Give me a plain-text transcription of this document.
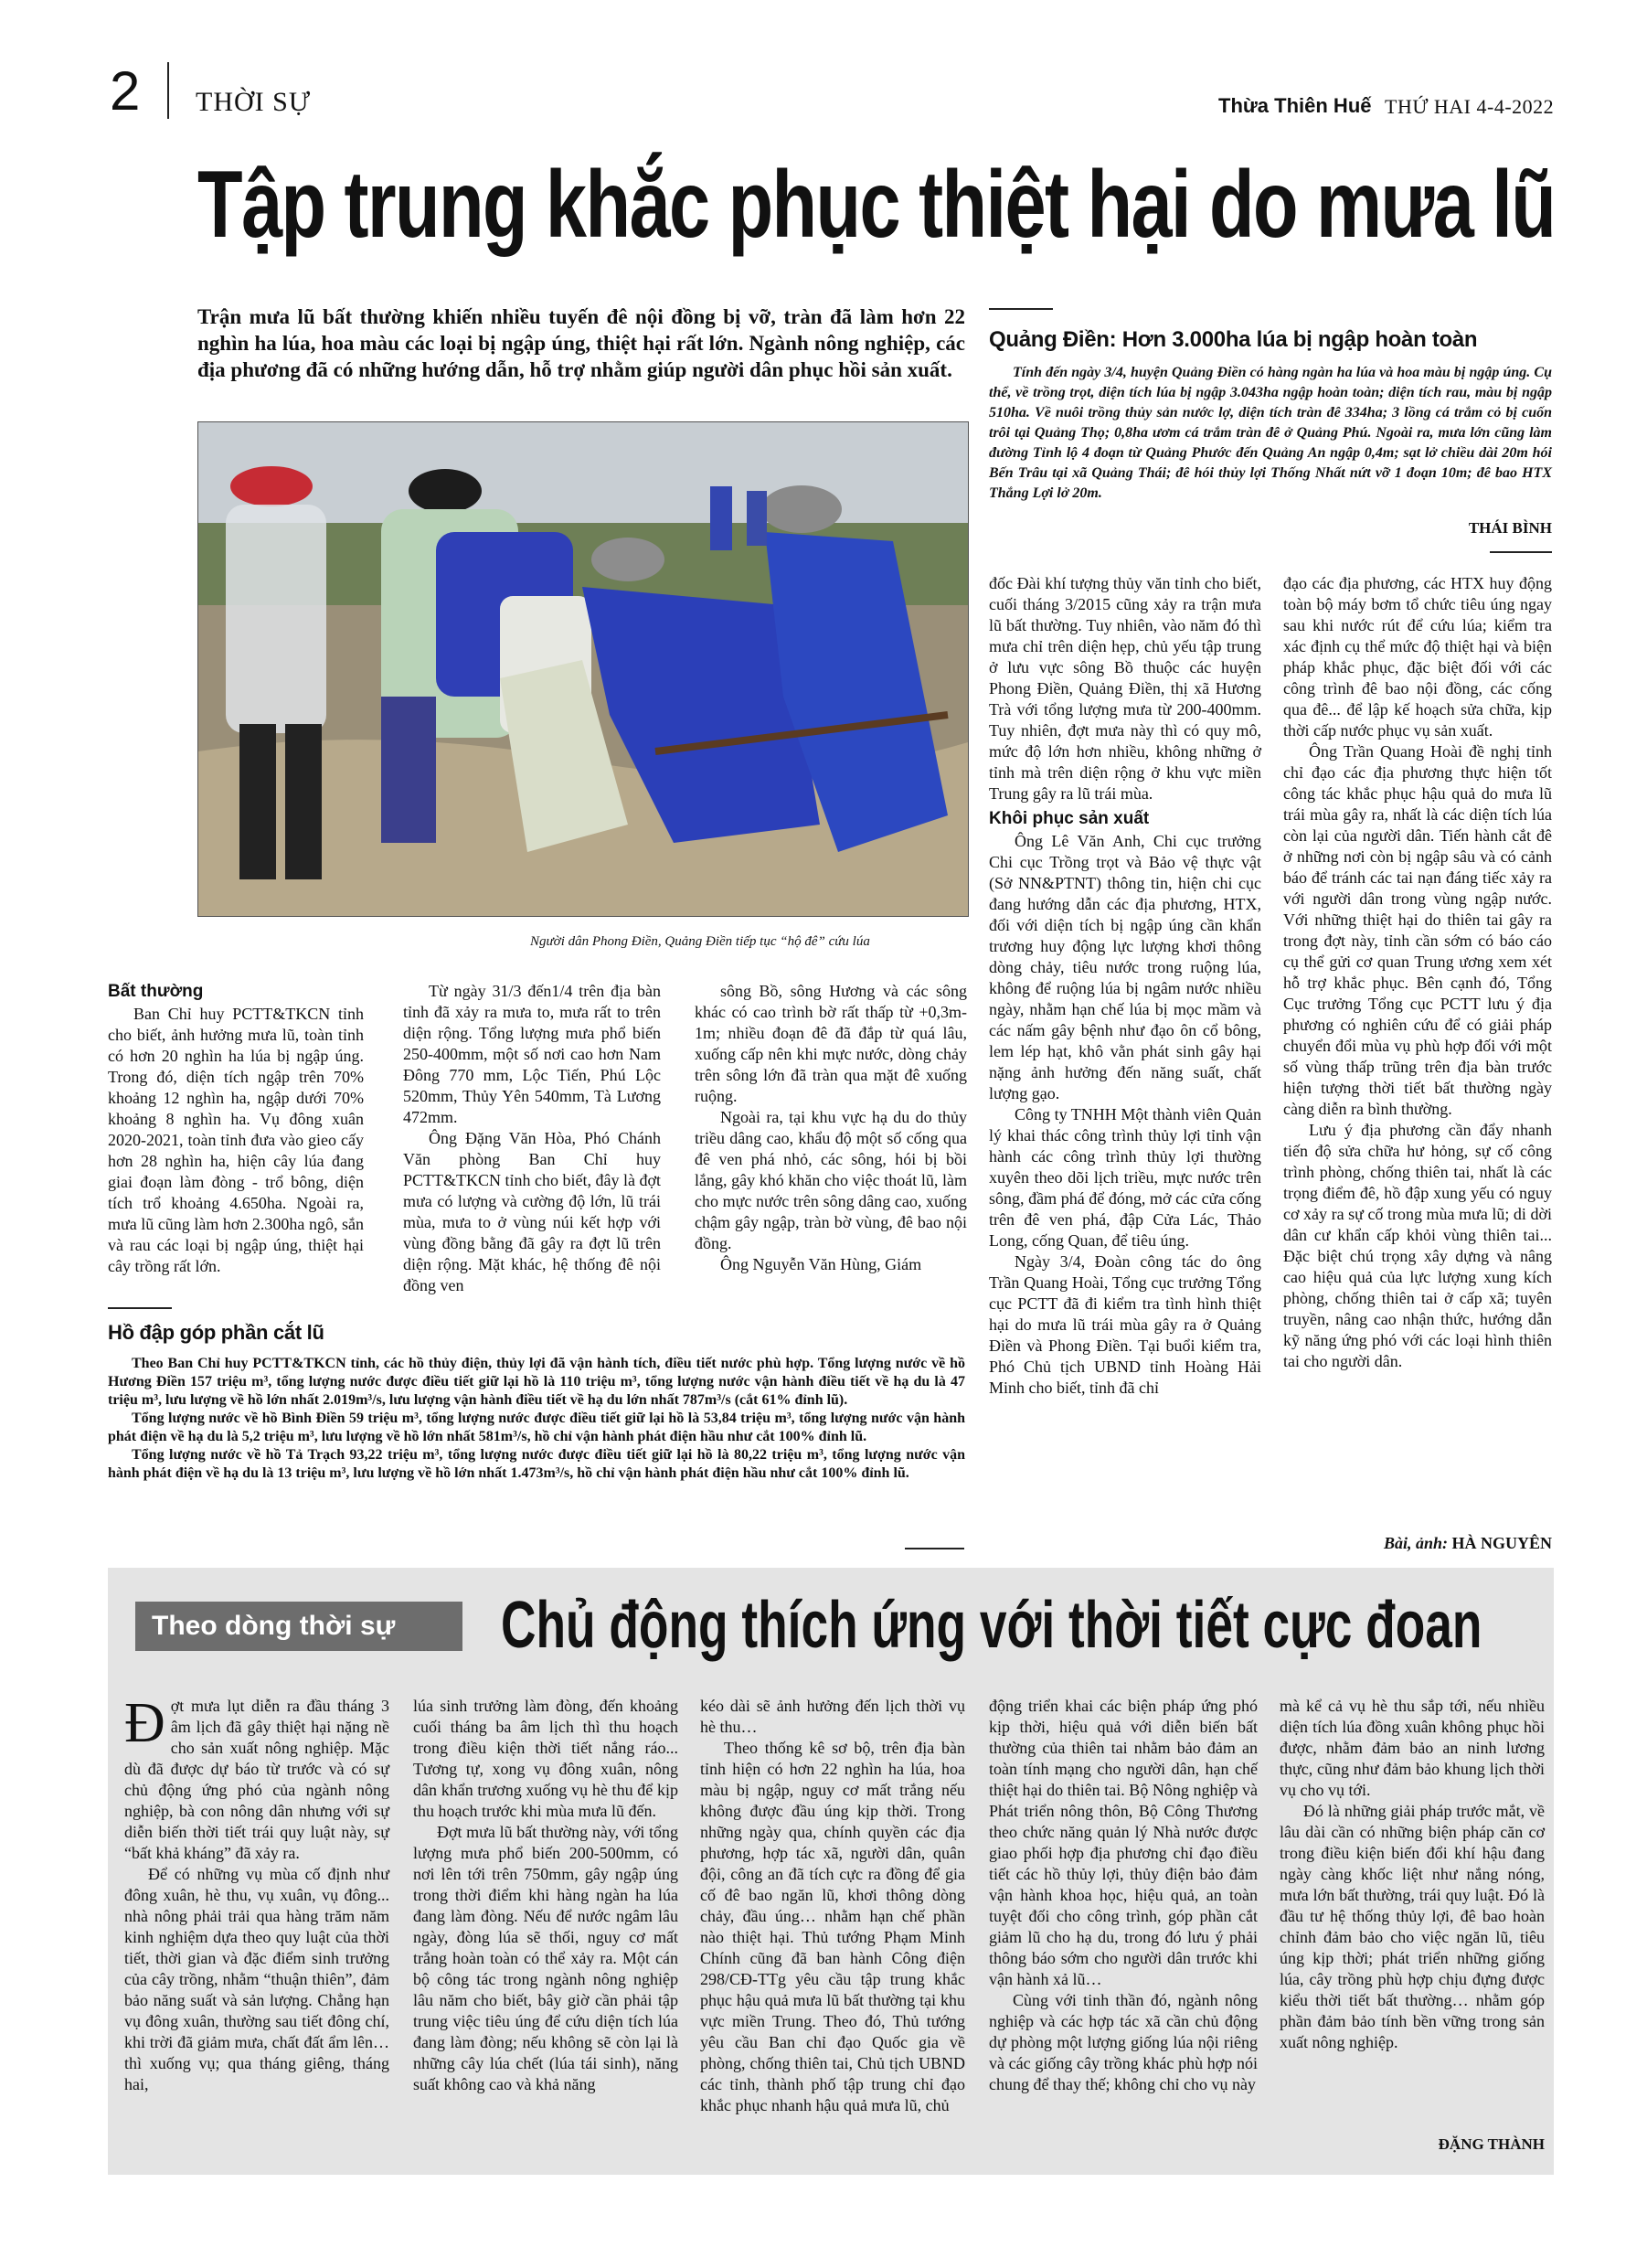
2 THỜI SỰ	Thừa Thiên Huế THỨ HAI 4-4-2022
Tập trung khắc phục thiệt hại do mưa lũ
Trận mưa lũ bất thường khiến nhiều tuyến đê nội đồng bị vỡ, tràn đã làm hơn 22 nghìn ha lúa, hoa màu các loại bị ngập úng, thiệt hại rất lớn. Ngành nông nghiệp, các địa phương đã có những hướng dẫn, hỗ trợ nhằm giúp người dân phục hồi sản xuất.
Người dân Phong Điền, Quảng Điền tiếp tục “hộ đê” cứu lúa
Bất thường

Ban Chỉ huy PCTT&TKCN tỉnh cho biết, ảnh hưởng mưa lũ, toàn tỉnh có hơn 20 nghìn ha lúa bị ngập úng. Trong đó, diện tích ngập trên 70% khoảng 12 nghìn ha, ngập dưới 70% khoảng 8 nghìn ha. Vụ đông xuân 2020-2021, toàn tỉnh đưa vào gieo cấy hơn 28 nghìn ha, hiện cây lúa đang giai đoạn làm đòng - trổ bông, diện tích trổ khoảng 4.650ha. Ngoài ra, mưa lũ cũng làm hơn 2.300ha ngô, sắn và rau các loại bị ngập úng, thiệt hại cây trồng rất lớn.

Từ ngày 31/3 đến1/4 trên địa bàn tỉnh đã xảy ra mưa to, mưa rất to trên diện rộng. Tổng lượng mưa phổ biến 250-400mm, một số nơi cao hơn Nam Đông 770 mm, Lộc Tiến, Phú Lộc 520mm, Thủy Yên 540mm, Tà Lương 472mm.

Ông Đặng Văn Hòa, Phó Chánh Văn phòng Ban Chỉ huy PCTT&TKCN tỉnh cho biết, đây là đợt mưa có lượng và cường độ lớn, lũ trái mùa, mưa to ở vùng núi kết hợp với vùng đồng bằng đã gây ra đợt lũ trên diện rộng. Mặt khác, hệ thống đê nội đồng ven

sông Bồ, sông Hương và các sông khác có cao trình bờ rất thấp từ +0,3m-1m; nhiều đoạn đê đã đắp từ quá lâu, xuống cấp nên khi mực nước, dòng chảy trên sông lớn đã tràn qua mặt đê xuống ruộng.

Ngoài ra, tại khu vực hạ du do thủy triều dâng cao, khẩu độ một số cống qua đê ven phá nhỏ, các sông, hói bị bồi lắng, gây khó khăn cho việc thoát lũ, làm cho mực nước trên sông dâng cao, xuống chậm gây ngập, tràn bờ vùng, đê bao nội đồng.

Ông Nguyễn Văn Hùng, Giám

Hồ đập góp phần cắt lũ

Theo Ban Chỉ huy PCTT&TKCN tỉnh, các hồ thủy điện, thủy lợi đã vận hành tích, điều tiết nước phù hợp. Tổng lượng nước về hồ Hương Điền 157 triệu m³, tổng lượng nước được điều tiết giữ lại hồ là 110 triệu m³, tổng lượng nước vận hành điều tiết về hạ du là 47 triệu m³, lưu lượng về hồ lớn nhất 2.019m³/s, lưu lượng vận hành điều tiết về hạ du lớn nhất 787m³/s (cắt 61% đỉnh lũ).

Tổng lượng nước về hồ Bình Điền 59 triệu m³, tổng lượng nước được điều tiết giữ lại hồ là 53,84 triệu m³, tổng lượng nước vận hành phát điện về hạ du là 5,2 triệu m³, lưu lượng về hồ lớn nhất 581m³/s, hồ chỉ vận hành phát điện hầu như cắt 100% đỉnh lũ.

Tổng lượng nước về hồ Tả Trạch 93,22 triệu m³, tổng lượng nước được điều tiết giữ lại hồ là 80,22 triệu m³, tổng lượng nước vận hành phát điện về hạ du là 13 triệu m³, lưu lượng về hồ lớn nhất 1.473m³/s, hồ chỉ vận hành phát điện hầu như cắt 100% đỉnh lũ.

Quảng Điền: Hơn 3.000ha lúa bị ngập hoàn toàn
Tính đến ngày 3/4, huyện Quảng Điền có hàng ngàn ha lúa và hoa màu bị ngập úng. Cụ thể, về trồng trọt, diện tích lúa bị ngập 3.043ha ngập hoàn toàn; diện tích rau, màu bị ngập 510ha. Về nuôi trồng thủy sản nước lợ, diện tích tràn đê 334ha; 3 lồng cá trắm cỏ bị cuốn trôi tại Quảng Thọ; 0,8ha ươm cá trắm tràn đê ở Quảng Phú. Ngoài ra, mưa lớn cũng làm đường Tỉnh lộ 4 đoạn từ Quảng Phước đến Quảng An ngập 0,4m; sạt lở chiều dài 20m hói Bến Trâu tại xã Quảng Thái; đê hói thủy lợi Thống Nhất nứt vỡ 1 đoạn 10m; đê bao HTX Thắng Lợi lở 20m.
THÁI BÌNH

đốc Đài khí tượng thủy văn tỉnh cho biết, cuối tháng 3/2015 cũng xảy ra trận mưa lũ bất thường. Tuy nhiên, vào năm đó thì mưa chỉ trên diện hẹp, chủ yếu tập trung ở lưu vực sông Bồ thuộc các huyện Phong Điền, Quảng Điền, thị xã Hương Trà với tổng lượng mưa từ 200-400mm. Tuy nhiên, đợt mưa này thì có quy mô, mức độ lớn hơn nhiều, không những ở tỉnh mà trên diện rộng ở khu vực miền Trung gây ra lũ trái mùa.

Khôi phục sản xuất

Ông Lê Văn Anh, Chi cục trưởng Chi cục Trồng trọt và Bảo vệ thực vật (Sở NN&PTNT) thông tin, hiện chi cục đang hướng dẫn các địa phương, HTX, đối với diện tích bị ngập úng cần khẩn trương huy động lực lượng khơi thông dòng chảy, tiêu nước trong ruộng lúa, không để ruộng lúa bị ngâm nước nhiều ngày, nhằm hạn chế lúa bị mọc mầm và các nấm gây bệnh như đạo ôn cổ bông, lem lép hạt, khô vằn phát sinh gây hại nặng ảnh hưởng đến năng suất, chất lượng gạo.

Công ty TNHH Một thành viên Quản lý khai thác công trình thủy lợi tỉnh vận hành các công trình thủy lợi thường xuyên theo dõi lịch triều, mực nước trên sông, đầm phá để đóng, mở các cửa cống trên đê ven phá, đập Cửa Lác, Thảo Long, cống Quan, để tiêu úng.

Ngày 3/4, Đoàn công tác do ông Trần Quang Hoài, Tổng cục trưởng Tổng cục PCTT đã đi kiểm tra tình hình thiệt hại do mưa lũ trái mùa gây ra ở Quảng Điền và Phong Điền. Tại buổi kiểm tra, Phó Chủ tịch UBND tỉnh Hoàng Hải Minh cho biết, tỉnh đã chỉ

đạo các địa phương, các HTX huy động toàn bộ máy bơm tổ chức tiêu úng ngay sau khi nước rút để cứu lúa; kiểm tra xác định cụ thể mức độ thiệt hại và biện pháp khắc phục, đặc biệt đối với các công trình đê bao nội đồng, các cống qua đê... để lập kế hoạch sửa chữa, kịp thời cấp nước phục vụ sản xuất.

Ông Trần Quang Hoài đề nghị tỉnh chỉ đạo các địa phương thực hiện tốt công tác khắc phục hậu quả do mưa lũ trái mùa gây ra, nhất là các diện tích lúa còn lại của người dân. Tiến hành cắt đê ở những nơi còn bị ngập sâu và có cảnh báo để tránh các tai nạn đáng tiếc xảy ra với người dân trong vùng ngập nước. Với những thiệt hại do thiên tai gây ra trong đợt này, tỉnh cần sớm có báo cáo cụ thể gửi cơ quan Trung ương xem xét hỗ trợ khắc phục. Bên cạnh đó, Tổng Cục trưởng Tổng cục PCTT lưu ý địa phương có nghiên cứu để có giải pháp chuyển đổi mùa vụ phù hợp đối với một số vùng thấp trũng trên địa bàn trước hiện tượng thời tiết bất thường ngày càng diễn ra bình thường.

Lưu ý địa phương cần đẩy nhanh tiến độ sửa chữa hư hỏng, sự cố công trình phòng, chống thiên tai, nhất là các trọng điểm đê, hồ đập xung yếu có nguy cơ xảy ra sự cố trong mùa mưa lũ; di dời dân cư khẩn cấp khỏi vùng thiên tai... Đặc biệt chú trọng xây dựng và nâng cao hiệu quả của lực lượng xung kích phòng, chống thiên tai ở cấp xã; tuyên truyền, nâng cao nhận thức, hướng dẫn kỹ năng ứng phó với các loại hình thiên tai cho người dân.

Bài, ảnh: HÀ NGUYÊN
Theo dòng thời sự	Chủ động thích ứng với thời tiết cực đoan

Đợt mưa lụt diễn ra đầu tháng 3 âm lịch đã gây thiệt hại nặng nề cho sản xuất nông nghiệp. Mặc dù đã được dự báo từ trước và có sự chủ động ứng phó của ngành nông nghiệp, bà con nông dân nhưng với sự diễn biến thời tiết trái quy luật này, sự “bất khả kháng” đã xảy ra.

Để có những vụ mùa cố định như đông xuân, hè thu, vụ xuân, vụ đông... nhà nông phải trải qua hàng trăm năm kinh nghiệm dựa theo quy luật của thời tiết, thời gian và đặc điểm sinh trưởng của cây trồng, nhằm “thuận thiên”, đảm bảo năng suất và sản lượng. Chẳng hạn vụ đông xuân, thường sau tiết đông chí, khi trời đã giảm mưa, chất đất ẩm lên… thì xuống vụ; qua tháng giêng, tháng hai,

lúa sinh trưởng làm đòng, đến khoảng cuối tháng ba âm lịch thì thu hoạch trong điều kiện thời tiết nắng ráo... Tương tự, xong vụ đông xuân, nông dân khẩn trương xuống vụ hè thu để kịp thu hoạch trước khi mùa mưa lũ đến.

Đợt mưa lũ bất thường này, với tổng lượng mưa phổ biến 200-500mm, có nơi lên tới trên 750mm, gây ngập úng trong thời điểm khi hàng ngàn ha lúa đang làm đòng. Nếu để nước ngâm lâu ngày, đòng lúa sẽ thối, nguy cơ mất trắng hoàn toàn có thể xảy ra. Một cán bộ công tác trong ngành nông nghiệp lâu năm cho biết, bây giờ cần phải tập trung việc tiêu úng để cứu diện tích lúa đang làm đòng; nếu không sẽ còn lại là những cây lúa chết (lúa tái sinh), năng suất không cao và khả năng

kéo dài sẽ ảnh hưởng đến lịch thời vụ hè thu…

Theo thống kê sơ bộ, trên địa bàn tỉnh hiện có hơn 22 nghìn ha lúa, hoa màu bị ngập, nguy cơ mất trắng nếu không được đầu úng kịp thời. Trong những ngày qua, chính quyền các địa phương, hợp tác xã, người dân, quân đội, công an đã tích cực ra đồng để gia cố đê bao ngăn lũ, khơi thông dòng chảy, đầu úng… nhằm hạn chế phần nào thiệt hại. Thủ tướng Phạm Minh Chính cũng đã ban hành Công điện 298/CĐ-TTg yêu cầu tập trung khắc phục hậu quả mưa lũ bất thường tại khu vực miền Trung. Theo đó, Thủ tướng yêu cầu Ban chỉ đạo Quốc gia về phòng, chống thiên tai, Chủ tịch UBND các tỉnh, thành phố tập trung chỉ đạo khắc phục nhanh hậu quả mưa lũ, chủ

động triển khai các biện pháp ứng phó kịp thời, hiệu quả với diễn biến bất thường của thiên tai nhằm bảo đảm an toàn tính mạng cho người dân, hạn chế thiệt hại do thiên tai. Bộ Nông nghiệp và Phát triển nông thôn, Bộ Công Thương theo chức năng quản lý Nhà nước được giao phối hợp địa phương chỉ đạo điều tiết các hồ thủy lợi, thủy điện bảo đảm vận hành khoa học, hiệu quả, an toàn tuyệt đối cho công trình, góp phần cắt giảm lũ cho hạ du, trong đó lưu ý phải thông báo sớm cho người dân trước khi vận hành xả lũ…

Cùng với tinh thần đó, ngành nông nghiệp và các hợp tác xã cần chủ động dự phòng một lượng giống lúa nội riêng và các giống cây trồng khác phù hợp nói chung để thay thế; không chỉ cho vụ này

mà kể cả vụ hè thu sắp tới, nếu nhiều diện tích lúa đồng xuân không phục hồi được, nhằm đảm bảo an ninh lương thực, cũng như đảm bảo khung lịch thời vụ cho vụ tới.

Đó là những giải pháp trước mắt, về lâu dài cần có những biện pháp căn cơ trong điều kiện biến đổi khí hậu đang ngày càng khốc liệt như nắng nóng, mưa lớn bất thường, trái quy luật. Đó là đầu tư hệ thống thủy lợi, đê bao hoàn chỉnh đảm bảo cho việc ngăn lũ, tiêu úng kịp thời; phát triển những giống lúa, cây trồng phù hợp chịu đựng được kiểu thời tiết bất thường… nhằm góp phần đảm bảo tính bền vững trong sản xuất nông nghiệp.

ĐẶNG THÀNH
